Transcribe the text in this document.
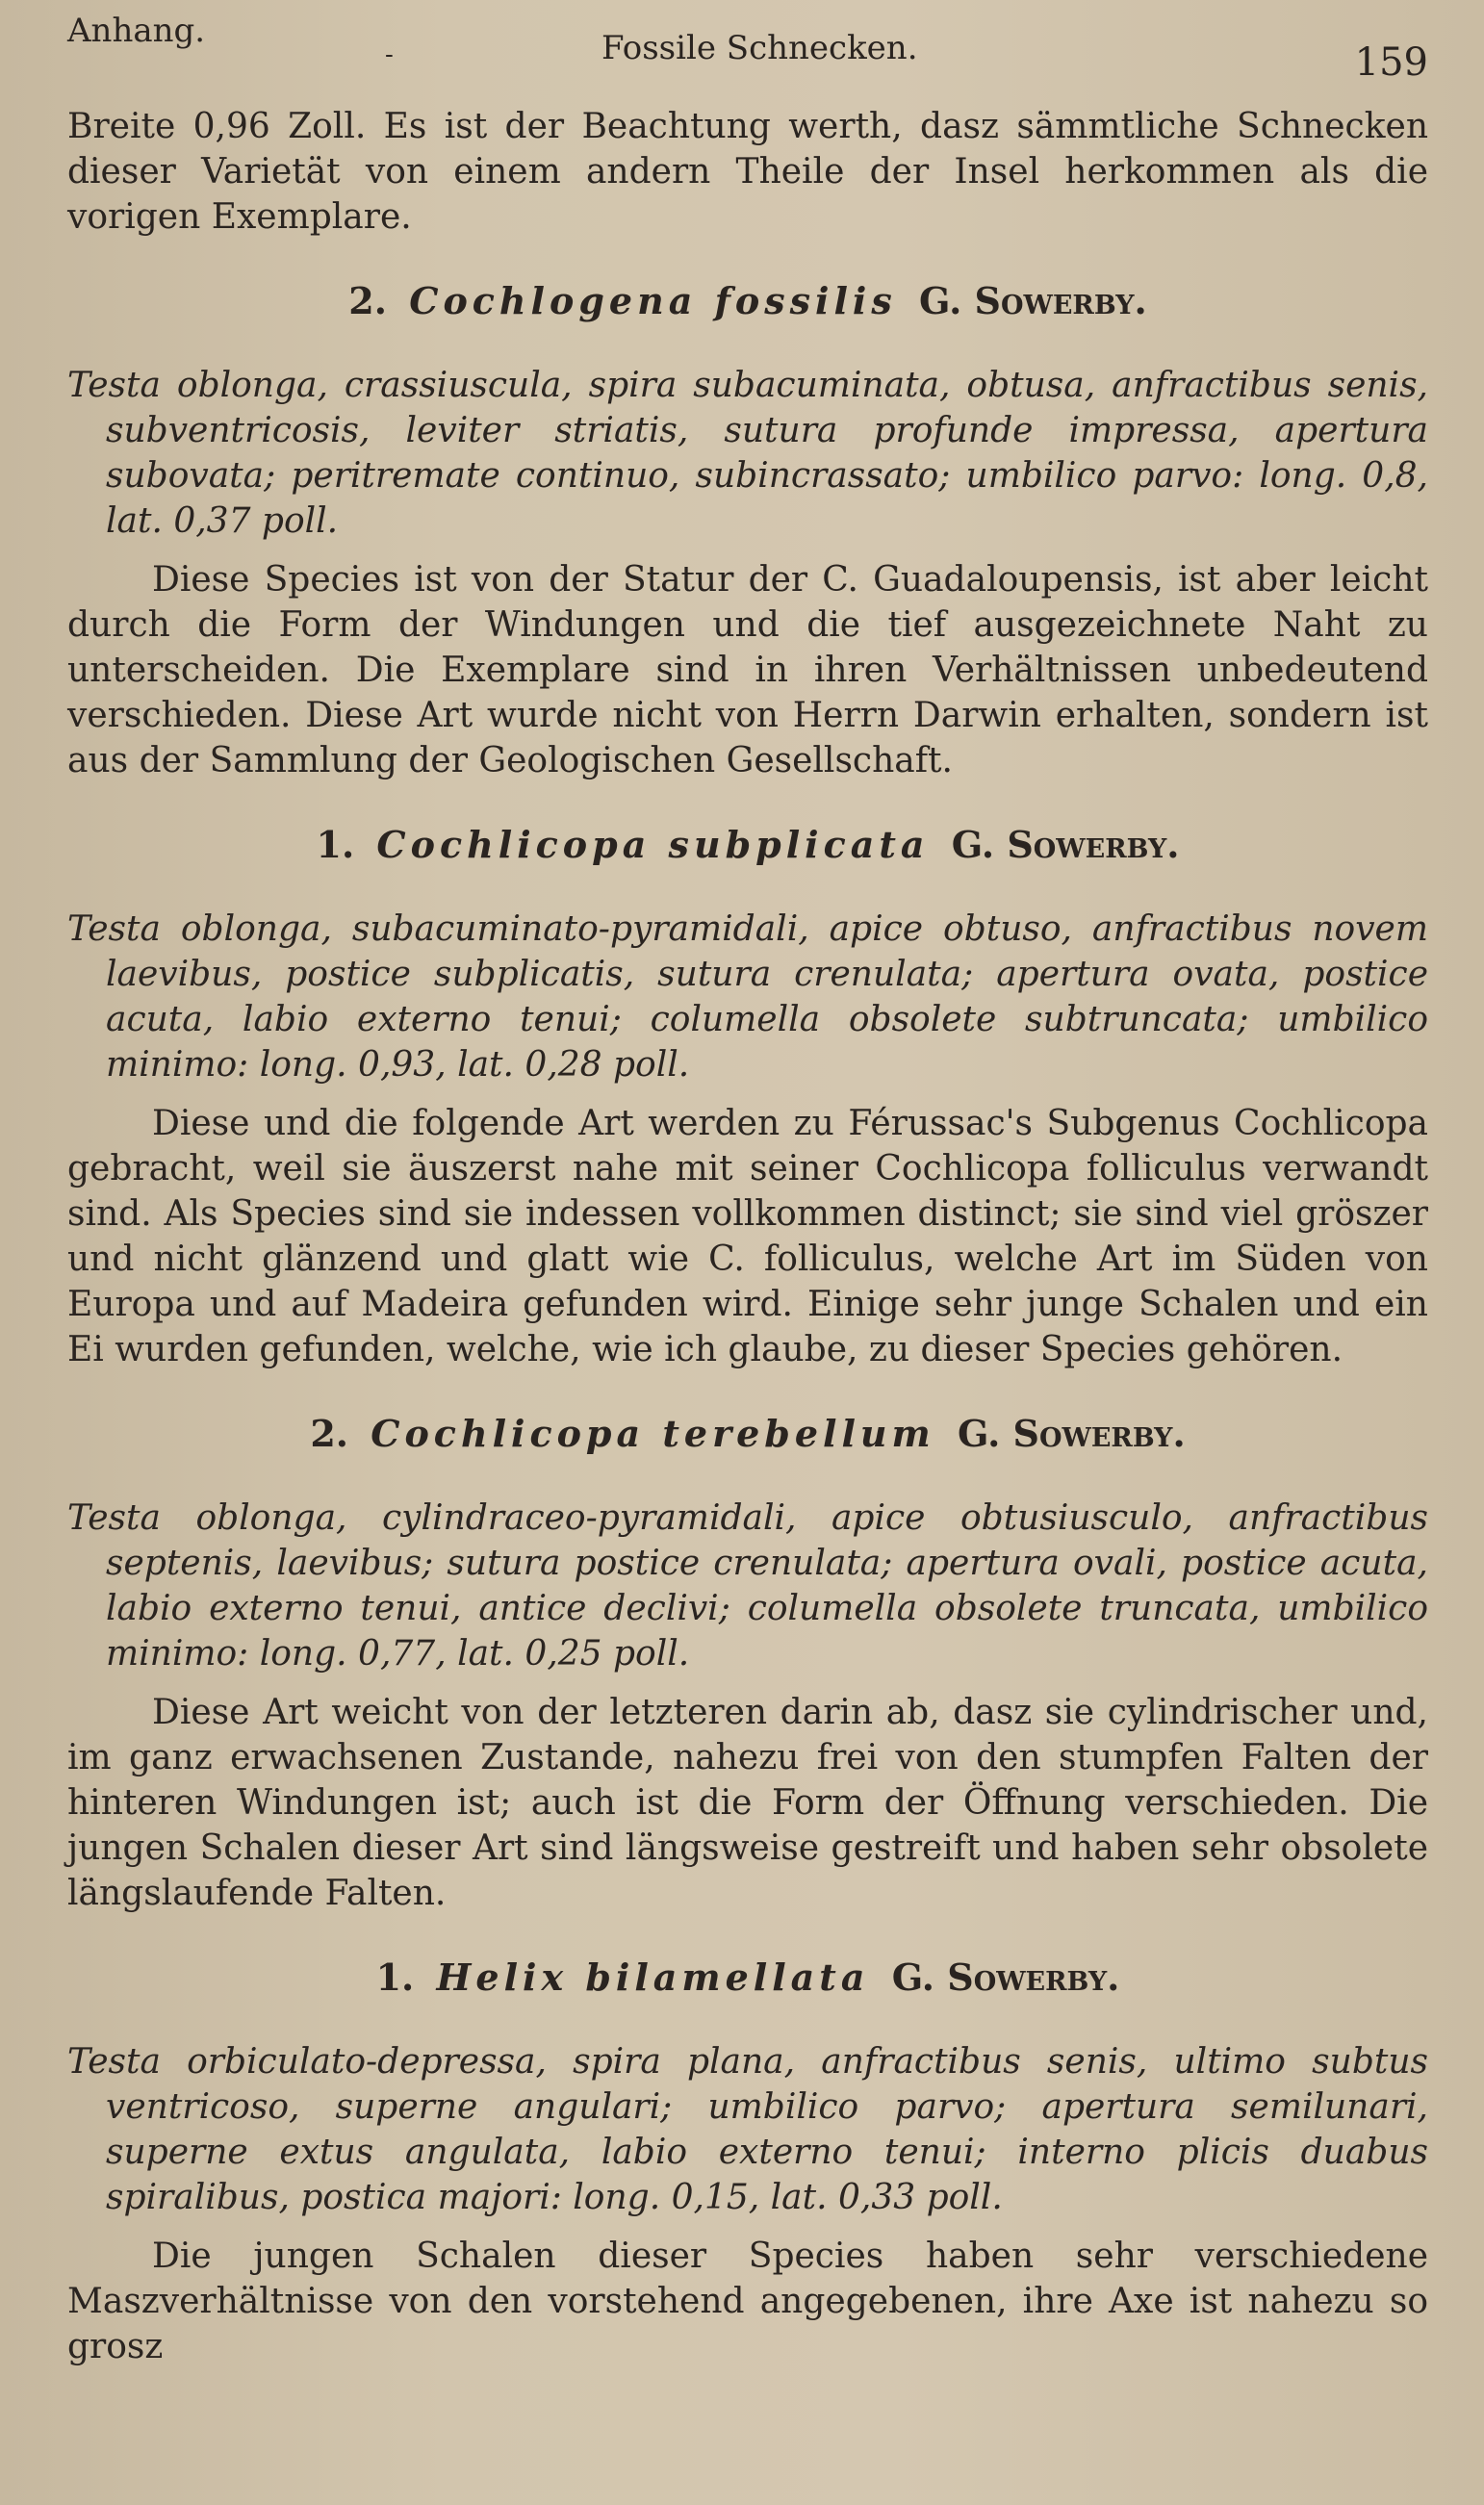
Anhang.
-	Fossile Schnecken.	159

Breite 0,96 Zoll. Es ist der Beachtung werth, dasz sämmtliche Schnecken dieser Varietät von einem andern Theile der Insel herkommen als die vorigen Exemplare.

2. Cochlogena fossilis G. Sowerby.

Testa oblonga, crassiuscula, spira subacuminata, obtusa, anfractibus senis, subventricosis, leviter striatis, sutura profunde impressa, apertura subovata; peritremate continuo, subincrassato; umbilico parvo: long. 0,8, lat. 0,37 poll.

Diese Species ist von der Statur der C. Guadaloupensis, ist aber leicht durch die Form der Windungen und die tief ausgezeichnete Naht zu unterscheiden. Die Exemplare sind in ihren Verhältnissen unbedeutend verschieden. Diese Art wurde nicht von Herrn Darwin erhalten, sondern ist aus der Sammlung der Geologischen Gesellschaft.

1. Cochlicopa subplicata G. Sowerby.

Testa oblonga, subacuminato-pyramidali, apice obtuso, anfractibus novem laevibus, postice subplicatis, sutura crenulata; apertura ovata, postice acuta, labio externo tenui; columella obsolete subtruncata; umbilico minimo: long. 0,93, lat. 0,28 poll.

Diese und die folgende Art werden zu Férussac's Subgenus Cochlicopa gebracht, weil sie äuszerst nahe mit seiner Cochlicopa folliculus verwandt sind. Als Species sind sie indessen vollkommen distinct; sie sind viel gröszer und nicht glänzend und glatt wie C. folliculus, welche Art im Süden von Europa und auf Madeira gefunden wird. Einige sehr junge Schalen und ein Ei wurden gefunden, welche, wie ich glaube, zu dieser Species gehören.

2. Cochlicopa terebellum G. Sowerby.

Testa oblonga, cylindraceo-pyramidali, apice obtusiusculo, anfractibus septenis, laevibus; sutura postice crenulata; apertura ovali, postice acuta, labio externo tenui, antice declivi; columella obsolete truncata, umbilico minimo: long. 0,77, lat. 0,25 poll.

Diese Art weicht von der letzteren darin ab, dasz sie cylindrischer und, im ganz erwachsenen Zustande, nahezu frei von den stumpfen Falten der hinteren Windungen ist; auch ist die Form der Öffnung verschieden. Die jungen Schalen dieser Art sind längsweise gestreift und haben sehr obsolete längslaufende Falten.

1. Helix bilamellata G. Sowerby.

Testa orbiculato-depressa, spira plana, anfractibus senis, ultimo subtus ventricoso, superne angulari; umbilico parvo; apertura semilunari, superne extus angulata, labio externo tenui; interno plicis duabus spiralibus, postica majori: long. 0,15, lat. 0,33 poll.

Die jungen Schalen dieser Species haben sehr verschiedene Maszverhältnisse von den vorstehend angegebenen, ihre Axe ist nahezu so grosz
